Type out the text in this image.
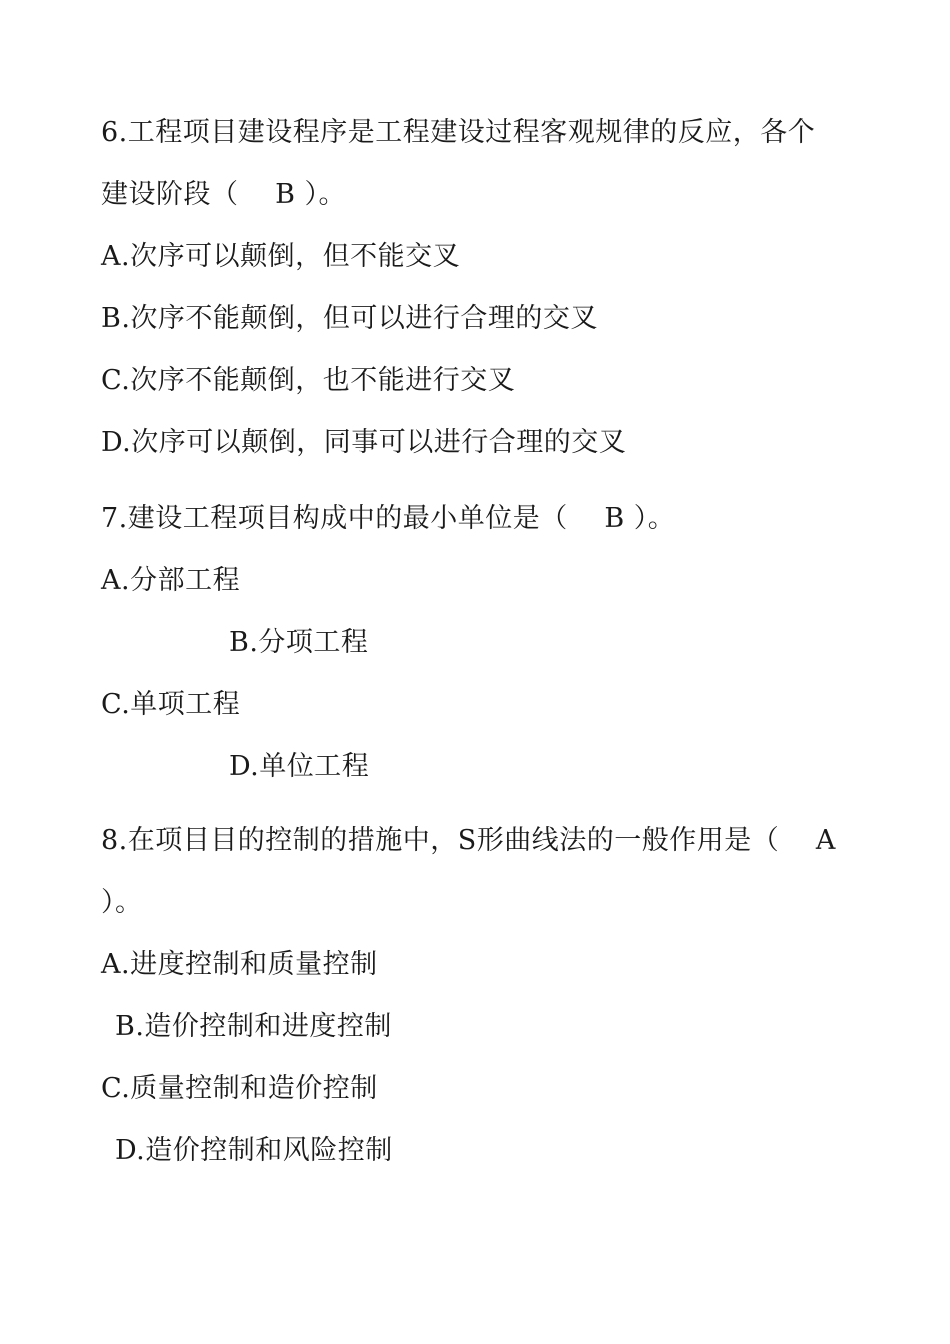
6.工程项目建设程序是工程建设过程客观规律的反应，各个
建设阶段（　 B ）。
A.次序可以颠倒，但不能交叉
B.次序不能颠倒，但可以进行合理的交叉
C.次序不能颠倒，也不能进行交叉
D.次序可以颠倒，同事可以进行合理的交叉
7.建设工程项目构成中的最小单位是（　 B ）。
A.分部工程
B.分项工程
C.单项工程
D.单位工程
8.在项目目的控制的措施中，S形曲线法的一般作用是（　 A
）。
A.进度控制和质量控制
B.造价控制和进度控制
C.质量控制和造价控制
D.造价控制和风险控制
